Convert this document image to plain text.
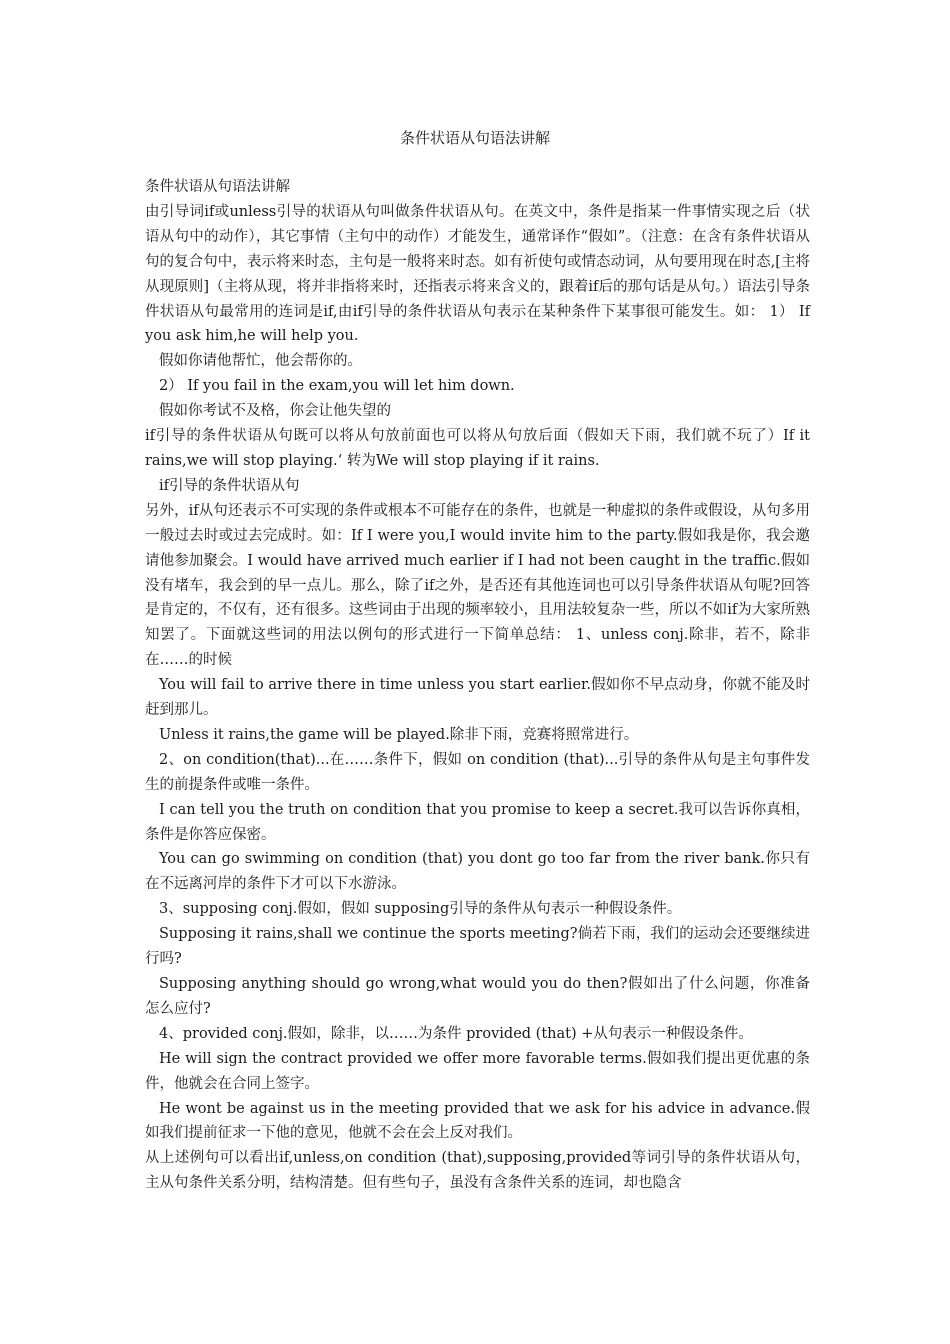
条件状语从句语法讲解

条件状语从句语法讲解

由引导词if或unless引导的状语从句叫做条件状语从句。在英文中，条件是指某一件事情实现之后（状语从句中的动作），其它事情（主句中的动作）才能发生，通常译作“假如”。（注意：在含有条件状语从句的复合句中，表示将来时态，主句是一般将来时态。如有祈使句或情态动词，从句要用现在时态,[主将从现原则]（主将从现，将并非指将来时，还指表示将来含义的，跟着if后的那句话是从句。）语法引导条件状语从句最常用的连词是if,由if引导的条件状语从句表示在某种条件下某事很可能发生。如： 1） If you ask him,he will help you.

假如你请他帮忙，他会帮你的。

2） If you fail in the exam,you will let him down.

假如你考试不及格，你会让他失望的

if引导的条件状语从句既可以将从句放前面也可以将从句放后面（假如天下雨，我们就不玩了）If it rains,we will stop playing.‘ 转为We will stop playing if it rains.

if引导的条件状语从句

另外，if从句还表示不可实现的条件或根本不可能存在的条件，也就是一种虚拟的条件或假设，从句多用一般过去时或过去完成时。如：If I were you,I would invite him to the party.假如我是你，我会邀请他参加聚会。I would have arrived much earlier if I had not been caught in the traffic.假如没有堵车，我会到的早一点儿。那么，除了if之外，是否还有其他连词也可以引导条件状语从句呢?回答是肯定的，不仅有，还有很多。这些词由于出现的频率较小，且用法较复杂一些，所以不如if为大家所熟知罢了。下面就这些词的用法以例句的形式进行一下简单总结： 1、unless conj.除非，若不，除非在……的时候

You will fail to arrive there in time unless you start earlier.假如你不早点动身，你就不能及时赶到那儿。

Unless it rains,the game will be played.除非下雨，竞赛将照常进行。

2、on condition(that)...在……条件下，假如 on condition (that)...引导的条件从句是主句事件发生的前提条件或唯一条件。

I can tell you the truth on condition that you promise to keep a secret.我可以告诉你真相，条件是你答应保密。

You can go swimming on condition (that) you dont go too far from the river bank.你只有在不远离河岸的条件下才可以下水游泳。

3、supposing conj.假如，假如 supposing引导的条件从句表示一种假设条件。

Supposing it rains,shall we continue the sports meeting?倘若下雨，我们的运动会还要继续进行吗?

Supposing anything should go wrong,what would you do then?假如出了什么问题，你准备怎么应付?

4、provided conj.假如，除非，以……为条件 provided (that) +从句表示一种假设条件。

He will sign the contract provided we offer more favorable terms.假如我们提出更优惠的条件，他就会在合同上签字。

He wont be against us in the meeting provided that we ask for his advice in advance.假如我们提前征求一下他的意见，他就不会在会上反对我们。

从上述例句可以看出if,unless,on condition (that),supposing,provided等词引导的条件状语从句，主从句条件关系分明，结构清楚。但有些句子，虽没有含条件关系的连词，却也隐含
